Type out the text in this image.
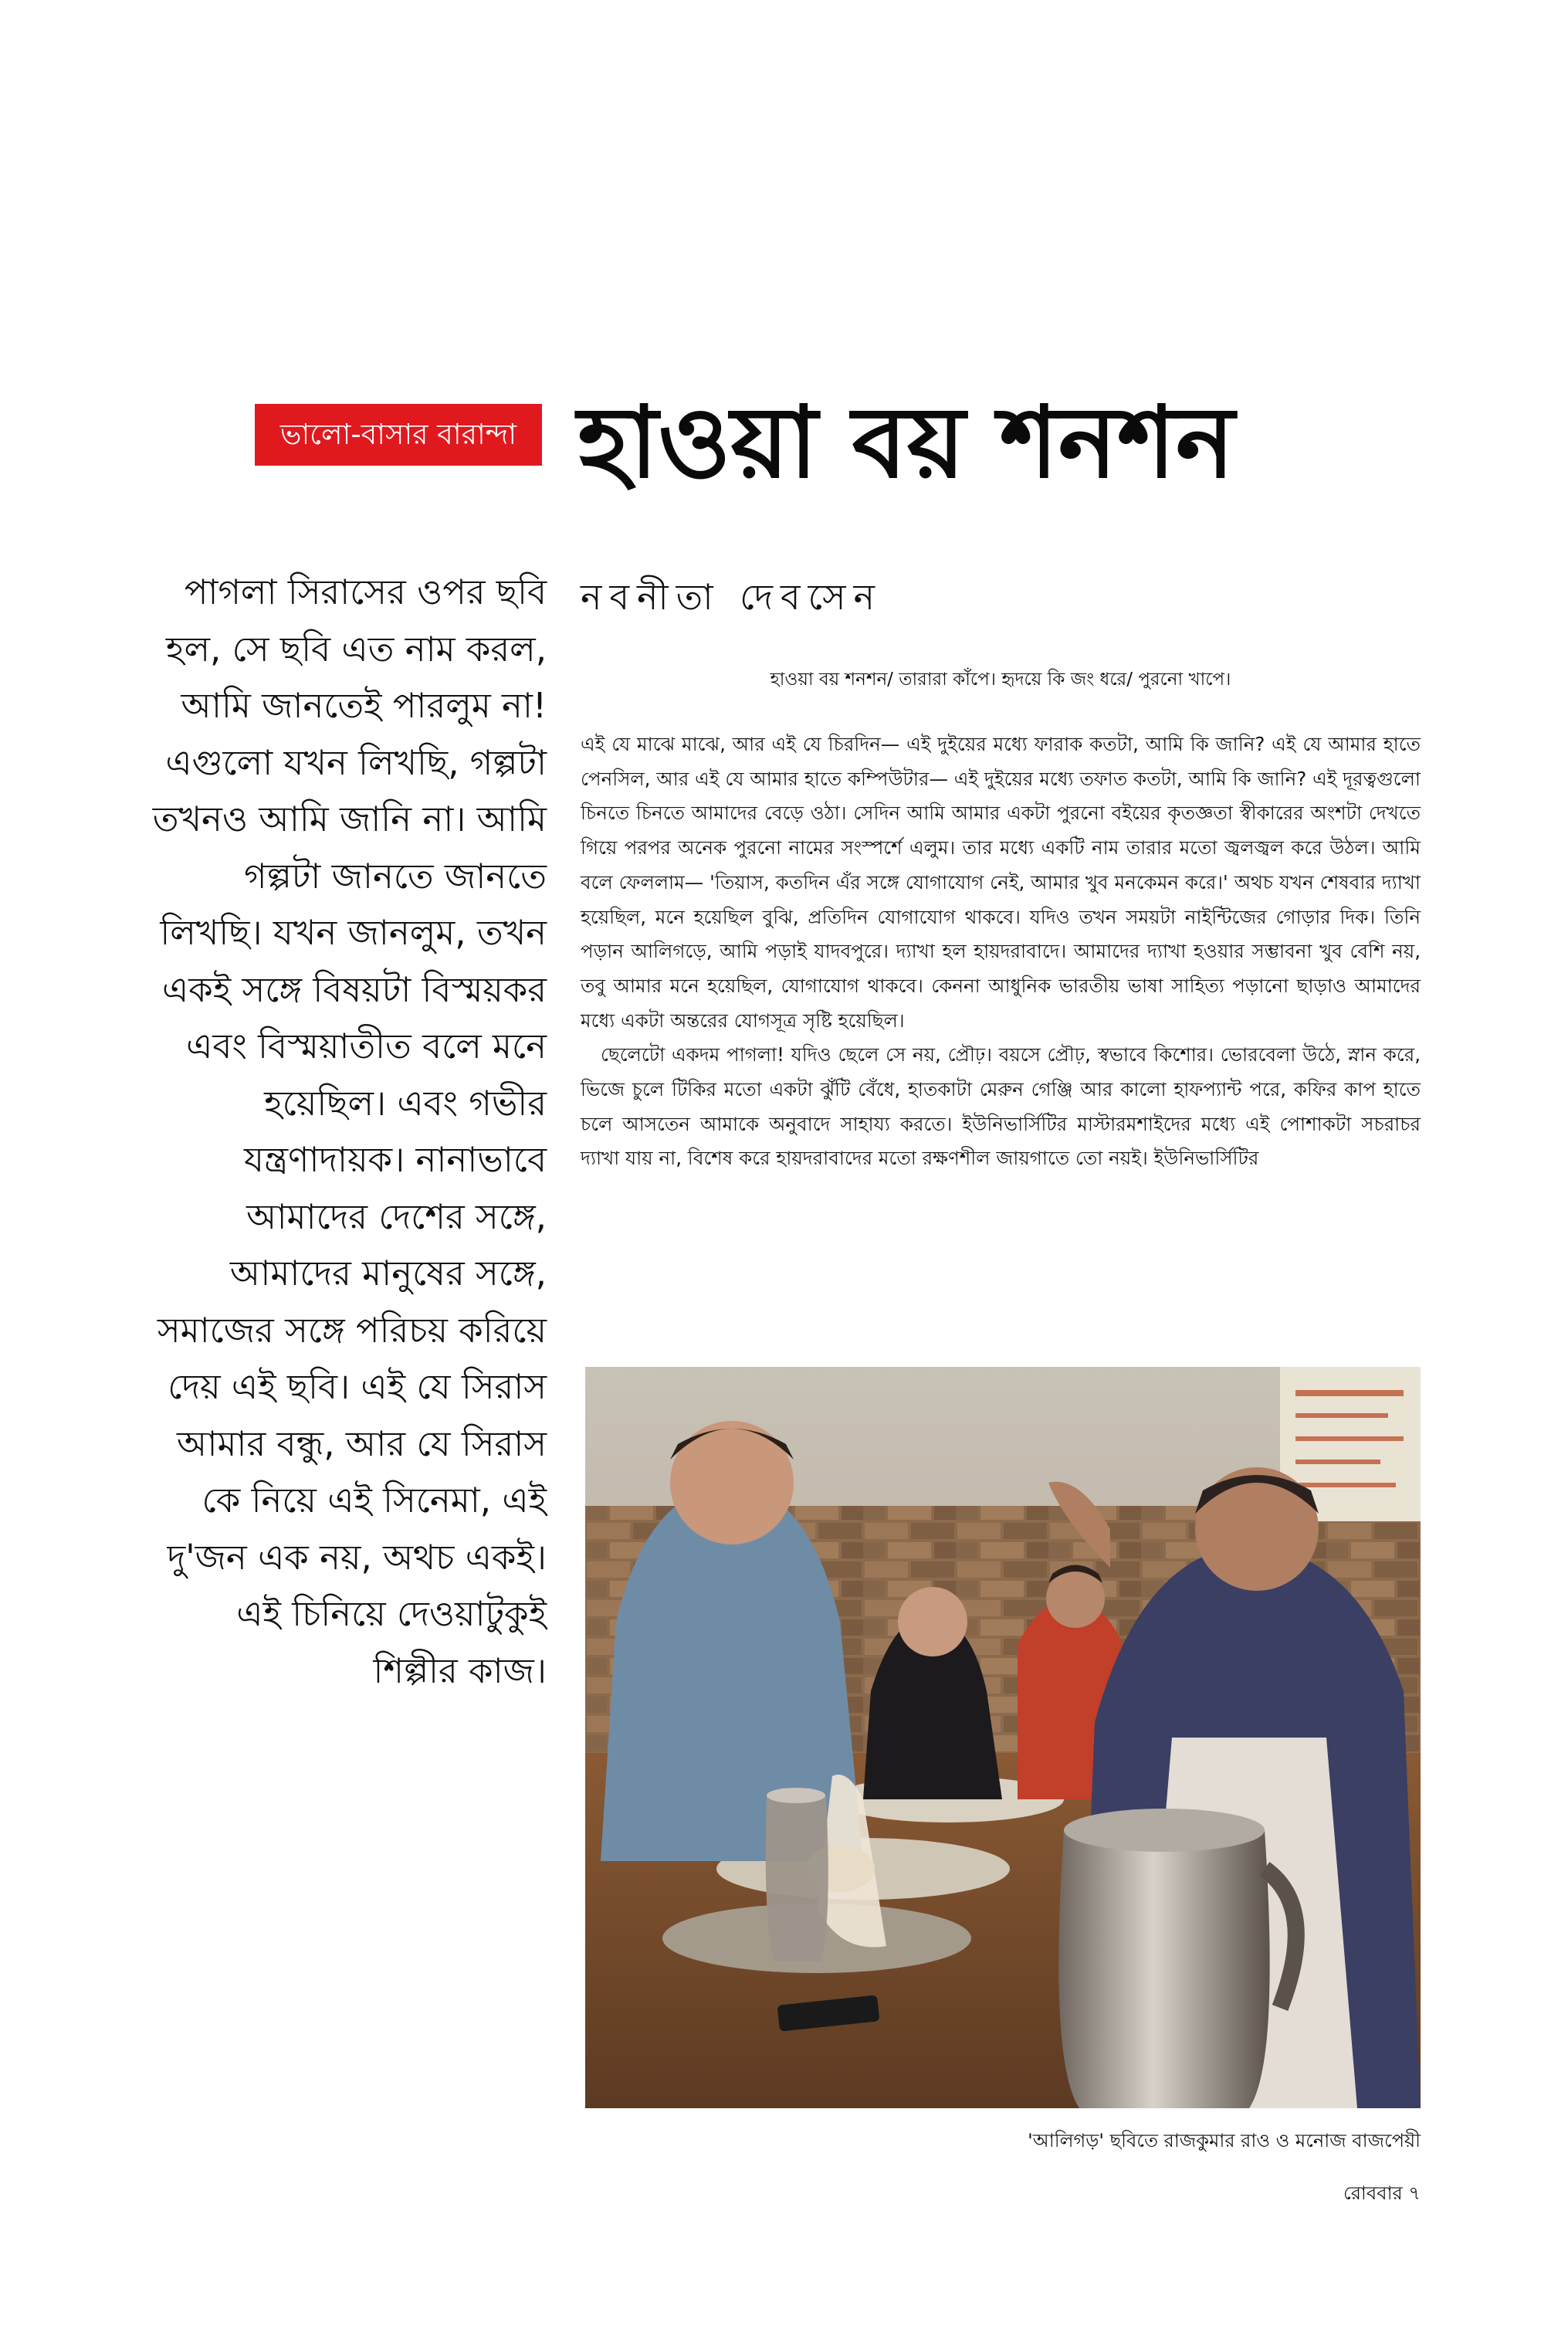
ভালো-বাসার বারান্দা হাওয়া বয় শনশন
পাগলা সিরাসের ওপর ছবি হল, সে ছবি এত নাম করল, আমি জানতেই পারলুম না! এগুলো যখন লিখছি, গল্পটা তখনও আমি জানি না। আমি গল্পটা জানতে জানতে লিখছি। যখন জানলুম, তখন একই সঙ্গে বিষয়টা বিস্ময়কর এবং বিস্ময়াতীত বলে মনে হয়েছিল। এবং গভীর যন্ত্রণাদায়ক। নানাভাবে আমাদের দেশের সঙ্গে, আমাদের মানুষের সঙ্গে, সমাজের সঙ্গে পরিচয় করিয়ে দেয় এই ছবি। এই যে সিরাস আমার বন্ধু, আর যে সিরাস কে নিয়ে এই সিনেমা, এই দু'জন এক নয়, অথচ একই। এই চিনিয়ে দেওয়াটুকুই শিল্পীর কাজ।
নবনীতা দেবসেন
হাওয়া বয় শনশন/ তারারা কাঁপে। হৃদয়ে কি জং ধরে/ পুরনো খাপে।

এই যে মাঝে মাঝে, আর এই যে চিরদিন— এই দুইয়ের মধ্যে ফারাক কতটা, আমি কি জানি? এই যে আমার হাতে পেনসিল, আর এই যে আমার হাতে কম্পিউটার— এই দুইয়ের মধ্যে তফাত কতটা, আমি কি জানি? এই দূরত্বগুলো চিনতে চিনতে আমাদের বেড়ে ওঠা। সেদিন আমি আমার একটা পুরনো বইয়ের কৃতজ্ঞতা স্বীকারের অংশটা দেখতে গিয়ে পরপর অনেক পুরনো নামের সংস্পর্শে এলুম। তার মধ্যে একটি নাম তারার মতো জ্বলজ্বল করে উঠল। আমি বলে ফেললাম— 'তিয়াস, কতদিন এঁর সঙ্গে যোগাযোগ নেই, আমার খুব মনকেমন করে।' অথচ যখন শেষবার দ্যাখা হয়েছিল, মনে হয়েছিল বুঝি, প্রতিদিন যোগাযোগ থাকবে। যদিও তখন সময়টা নাইন্টিজের গোড়ার দিক। তিনি পড়ান আলিগড়ে, আমি পড়াই যাদবপুরে। দ্যাখা হল হায়দরাবাদে। আমাদের দ্যাখা হওয়ার সম্ভাবনা খুব বেশি নয়, তবু আমার মনে হয়েছিল, যোগাযোগ থাকবে। কেননা আধুনিক ভারতীয় ভাষা সাহিত্য পড়ানো ছাড়াও আমাদের মধ্যে একটা অন্তরের যোগসূত্র সৃষ্টি হয়েছিল।

ছেলেটো একদম পাগলা! যদিও ছেলে সে নয়, প্রৌঢ়। বয়সে প্রৌঢ়, স্বভাবে কিশোর। ভোরবেলা উঠে, স্নান করে, ভিজে চুলে টিকির মতো একটা ঝুঁটি বেঁধে, হাতকাটা মেরুন গেঞ্জি আর কালো হাফপ্যান্ট পরে, কফির কাপ হাতে চলে আসতেন আমাকে অনুবাদে সাহায্য করতে। ইউনিভার্সিটির মাস্টারমশাইদের মধ্যে এই পোশাকটা সচরাচর দ্যাখা যায় না, বিশেষ করে হায়দরাবাদের মতো রক্ষণশীল জায়গাতে তো নয়ই। ইউনিভার্সিটির

'আলিগড়' ছবিতে রাজকুমার রাও ও মনোজ বাজপেয়ী
রোববার ৭
